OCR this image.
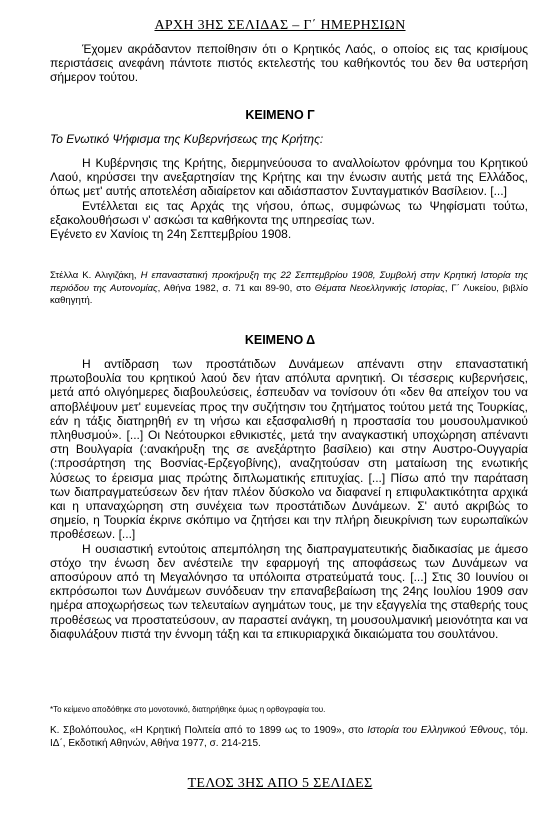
ΑΡΧΗ 3ΗΣ ΣΕΛΙΔΑΣ – Γ΄ ΗΜΕΡΗΣΙΩΝ

Έχομεν ακράδαντον πεποίθησιν ότι ο Κρητικός Λαός, ο οποίος εις τας κρισίμους περιστάσεις ανεφάνη πάντοτε πιστός εκτελεστής του καθήκοντός του δεν θα υστερήση σήμερον τούτου.

ΚΕΙΜΕΝΟ Γ
Το Ενωτικό Ψήφισμα της Κυβερνήσεως της Κρήτης:

Η Κυβέρνησις της Κρήτης, διερμηνεύουσα το αναλλοίωτον φρόνημα του Κρητικού Λαού, κηρύσσει την ανεξαρτησίαν της Κρήτης και την ένωσιν αυτής μετά της Ελλάδος, όπως μετ' αυτής αποτελέση αδιαίρετον και αδιάσπαστον Συνταγματικόν Βασίλειον. [...]

Εντέλλεται εις τας Αρχάς της νήσου, όπως, συμφώνως τω Ψηφίσματι τούτω, εξακολουθήσωσι ν' ασκώσι τα καθήκοντα της υπηρεσίας των.

Εγένετο εν Χανίοις τη 24η Σεπτεμβρίου 1908.

Στέλλα Κ. Αλιγιζάκη, Η επαναστατική προκήρυξη της 22 Σεπτεμβρίου 1908, Συμβολή στην Κρητική Ιστορία της περιόδου της Αυτονομίας, Αθήνα 1982, σ. 71 και 89-90, στο Θέματα Νεοελληνικής Ιστορίας, Γ΄ Λυκείου, βιβλίο καθηγητή.
ΚΕΙΜΕΝΟ Δ

Η αντίδραση των προστάτιδων Δυνάμεων απέναντι στην επαναστατική πρωτοβουλία του κρητικού λαού δεν ήταν απόλυτα αρνητική. Οι τέσσερις κυβερνήσεις, μετά από ολιγόημερες διαβουλεύσεις, έσπευδαν να τονίσουν ότι «δεν θα απείχον του να αποβλέψουν μετ' ευμενείας προς την συζήτησιν του ζητήματος τούτου μετά της Τουρκίας, εάν η τάξις διατηρηθή εν τη νήσω και εξασφαλισθή η προστασία του μουσουλμανικού πληθυσμού». [...] Οι Νεότουρκοι εθνικιστές, μετά την αναγκαστική υποχώρηση απέναντι στη Βουλγαρία (:ανακήρυξη της σε ανεξάρτητο βασίλειο) και στην Αυστρο-Ουγγαρία (:προσάρτηση της Βοσνίας-Ερζεγοβίνης), αναζητούσαν στη ματαίωση της ενωτικής λύσεως το έρεισμα μιας πρώτης διπλωματικής επιτυχίας. [...] Πίσω από την παράταση των διαπραγματεύσεων δεν ήταν πλέον δύσκολο να διαφανεί η επιφυλακτικότητα αρχικά και η υπαναχώρηση στη συνέχεια των προστάτιδων Δυνάμεων. Σ' αυτό ακριβώς το σημείο, η Τουρκία έκρινε σκόπιμο να ζητήσει και την πλήρη διευκρίνιση των ευρωπαϊκών προθέσεων. [...]

Η ουσιαστική εντούτοις απεμπόληση της διαπραγματευτικής διαδικασίας με άμεσο στόχο την ένωση δεν ανέστειλε την εφαρμογή της αποφάσεως των Δυνάμεων να αποσύρουν από τη Μεγαλόνησο τα υπόλοιπα στρατεύματά τους. [...] Στις 30 Ιουνίου οι εκπρόσωποι των Δυνάμεων συνόδευαν την επαναβεβαίωση της 24ης Ιουλίου 1909 σαν ημέρα αποχωρήσεως των τελευταίων αγημάτων τους, με την εξαγγελία της σταθερής τους προθέσεως να προστατεύσουν, αν παραστεί ανάγκη, τη μουσουλμανική μειονότητα και να διαφυλάξουν πιστά την έννομη τάξη και τα επικυριαρχικά δικαιώματα του σουλτάνου.

*Το κείμενο αποδόθηκε στο μονοτονικό, διατηρήθηκε όμως η ορθογραφία του.
Κ. Σβολόπουλος, «Η Κρητική Πολιτεία από το 1899 ως το 1909», στο Ιστορία του Ελληνικού Έθνους, τόμ. ΙΔ΄, Εκδοτική Αθηνών, Αθήνα 1977, σ. 214-215.
ΤΕΛΟΣ 3ΗΣ ΑΠΟ 5 ΣΕΛΙΔΕΣ
